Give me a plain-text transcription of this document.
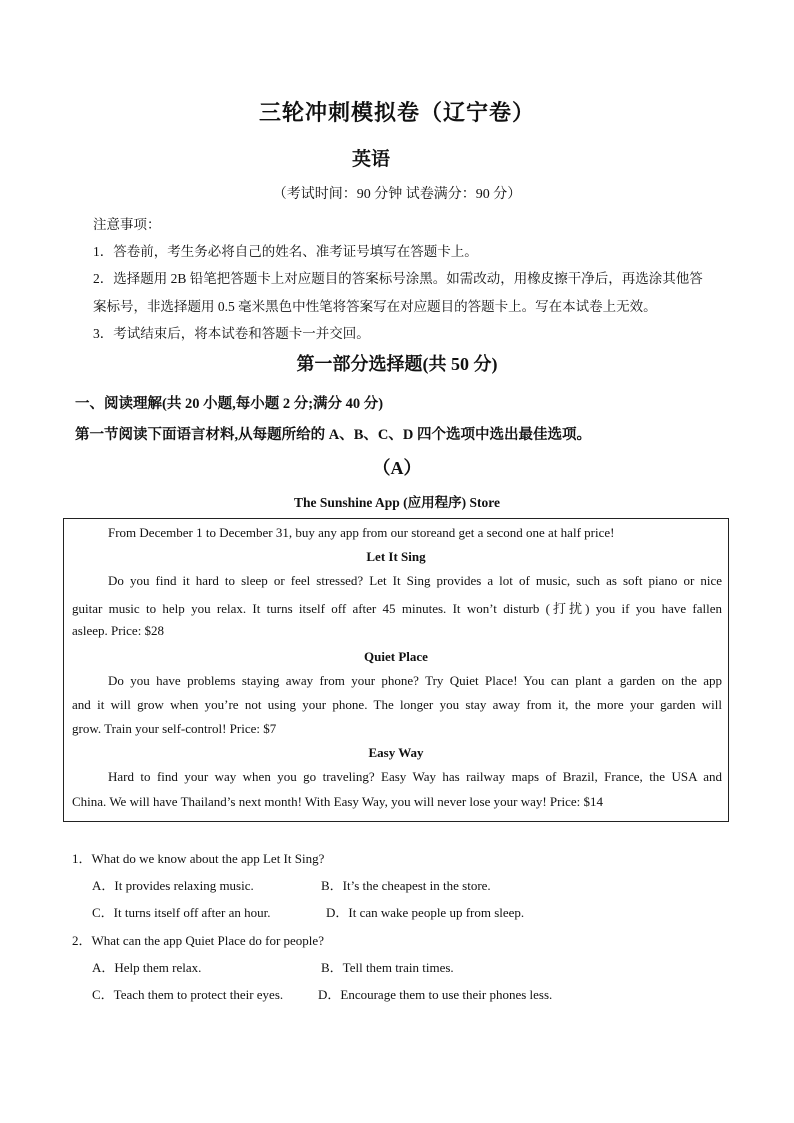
三轮冲刺模拟卷（辽宁卷）
英语
（考试时间：90 分钟 试卷满分：90 分）
注意事项：
1．答卷前，考生务必将自己的姓名、准考证号填写在答题卡上。
2．选择题用 2B 铅笔把答题卡上对应题目的答案标号涂黑。如需改动，用橡皮擦干净后，再选涂其他答
案标号，非选择题用 0.5 毫米黑色中性笔将答案写在对应题目的答题卡上。写在本试卷上无效。
3．考试结束后，将本试卷和答题卡一并交回。
第一部分选择题(共 50 分)
一、阅读理解(共 20 小题,每小题 2 分;满分 40 分)
第一节阅读下面语言材料,从每题所给的 A、B、C、D 四个选项中选出最佳选项。
（A）
The Sunshine App (应用程序) Store
From December 1 to December 31, buy any app from our storeand get a second one at half price!
Let It Sing
Do you find it hard to sleep or feel stressed? Let It Sing provides a lot of music, such as soft piano or nice
guitar music to help you relax. It turns itself off after 45 minutes. It won’t disturb (打扰) you if you have fallen
asleep. Price: $28
Quiet Place
Do you have problems staying away from your phone? Try Quiet Place! You can plant a garden on the app
and it will grow when you’re not using your phone. The longer you stay away from it, the more your garden will
grow. Train your self-control! Price: $7
Easy Way
Hard to find your way when you go traveling? Easy Way has railway maps of Brazil, France, the USA and
China. We will have Thailand’s next month! With Easy Way, you will never lose your way! Price: $14
1．What do we know about the app Let It Sing?
A．It provides relaxing music.	B．It’s the cheapest in the store.
C．It turns itself off after an hour.	D．It can wake people up from sleep.
2．What can the app Quiet Place do for people?
A．Help them relax.	B．Tell them train times.
C．Teach them to protect their eyes.	D．Encourage them to use their phones less.
